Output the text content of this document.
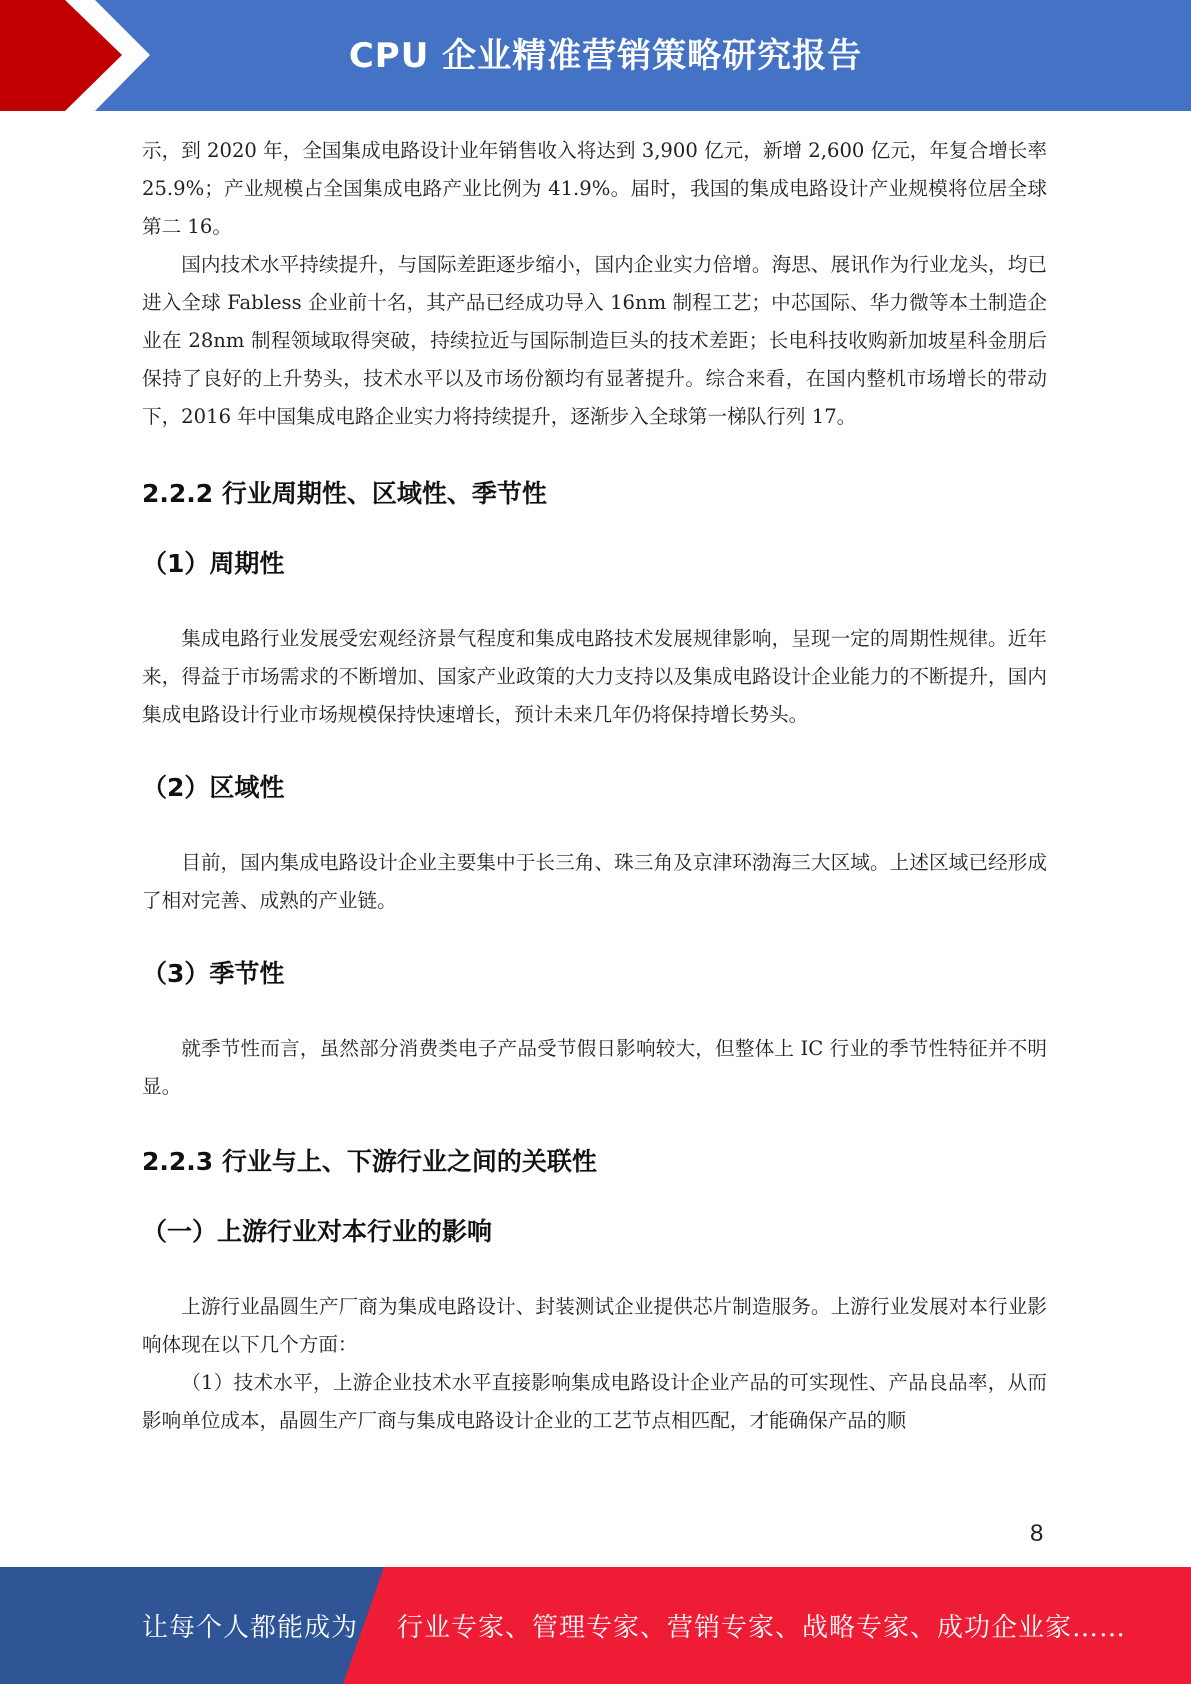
CPU 企业精准营销策略研究报告

示，到 2020 年，全国集成电路设计业年销售收入将达到 3,900 亿元，新增 2,600 亿元，年复合增长率 25.9%；产业规模占全国集成电路产业比例为 41.9%。届时，我国的集成电路设计产业规模将位居全球第二 16。

国内技术水平持续提升，与国际差距逐步缩小，国内企业实力倍增。海思、展讯作为行业龙头，均已进入全球 Fabless 企业前十名，其产品已经成功导入 16nm 制程工艺；中芯国际、华力微等本土制造企业在 28nm 制程领域取得突破，持续拉近与国际制造巨头的技术差距；长电科技收购新加坡星科金朋后保持了良好的上升势头，技术水平以及市场份额均有显著提升。综合来看，在国内整机市场增长的带动下，2016 年中国集成电路企业实力将持续提升，逐渐步入全球第一梯队行列 17。

2.2.2 行业周期性、区域性、季节性
（1）周期性

集成电路行业发展受宏观经济景气程度和集成电路技术发展规律影响，呈现一定的周期性规律。近年来，得益于市场需求的不断增加、国家产业政策的大力支持以及集成电路设计企业能力的不断提升，国内集成电路设计行业市场规模保持快速增长，预计未来几年仍将保持增长势头。

（2）区域性

目前，国内集成电路设计企业主要集中于长三角、珠三角及京津环渤海三大区域。上述区域已经形成了相对完善、成熟的产业链。

（3）季节性

就季节性而言，虽然部分消费类电子产品受节假日影响较大，但整体上 IC 行业的季节性特征并不明显。

2.2.3 行业与上、下游行业之间的关联性
（一）上游行业对本行业的影响

上游行业晶圆生产厂商为集成电路设计、封装测试企业提供芯片制造服务。上游行业发展对本行业影响体现在以下几个方面：

（1）技术水平，上游企业技术水平直接影响集成电路设计企业产品的可实现性、产品良品率，从而影响单位成本，晶圆生产厂商与集成电路设计企业的工艺节点相匹配，才能确保产品的顺

8
让每个人都能成为 行业专家、管理专家、营销专家、战略专家、成功企业家……
